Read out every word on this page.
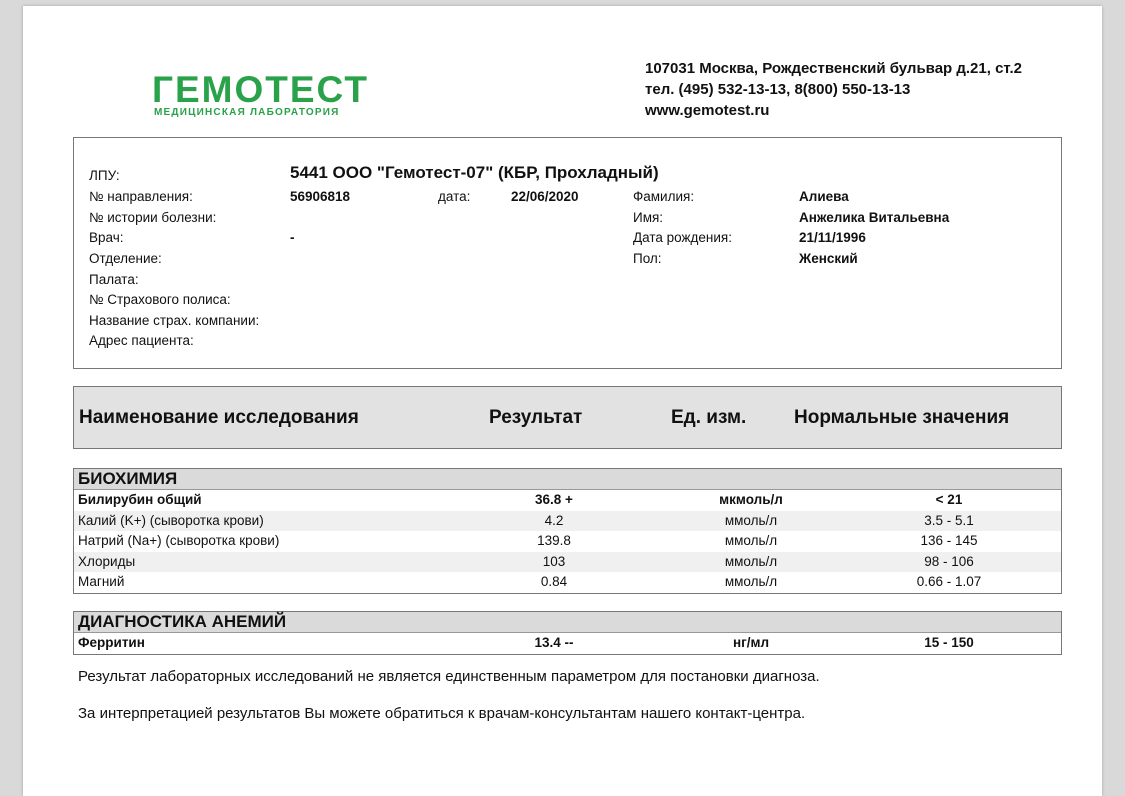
ГЕМОТЕСТ
МЕДИЦИНСКАЯ ЛАБОРАТОРИЯ
107031 Москва, Рождественский бульвар д.21, ст.2
тел. (495) 532-13-13, 8(800) 550-13-13
www.gemotest.ru
ЛПУ:	5441 ООО "Гемотест-07" (КБР, Прохладный)
№ направления:	56906818	дата:	22/06/2020
№ истории болезни:
Врач:	-
Отделение:
Палата:
№ Страхового полиса:
Название страх. компании:
Адрес пациента:
Фамилия:	Алиева
Имя:	Анжелика Витальевна
Дата рождения:	21/11/1996
Пол:	Женский
Наименование исследования	Результат	Ед. изм.	Нормальные значения
БИОХИМИЯ
Билирубин общий	36.8 +	мкмоль/л	< 21
Калий (K+) (сыворотка крови)	4.2	ммоль/л	3.5 - 5.1
Натрий (Na+) (сыворотка крови)	139.8	ммоль/л	136 - 145
Хлориды	103	ммоль/л	98 - 106
Магний	0.84	ммоль/л	0.66 - 1.07
ДИАГНОСТИКА АНЕМИЙ
Ферритин	13.4 --	нг/мл	15 - 150
Результат лабораторных исследований не является единственным параметром для постановки диагноза.
За интерпретацией результатов Вы можете обратиться к врачам-консультантам нашего контакт-центра.
